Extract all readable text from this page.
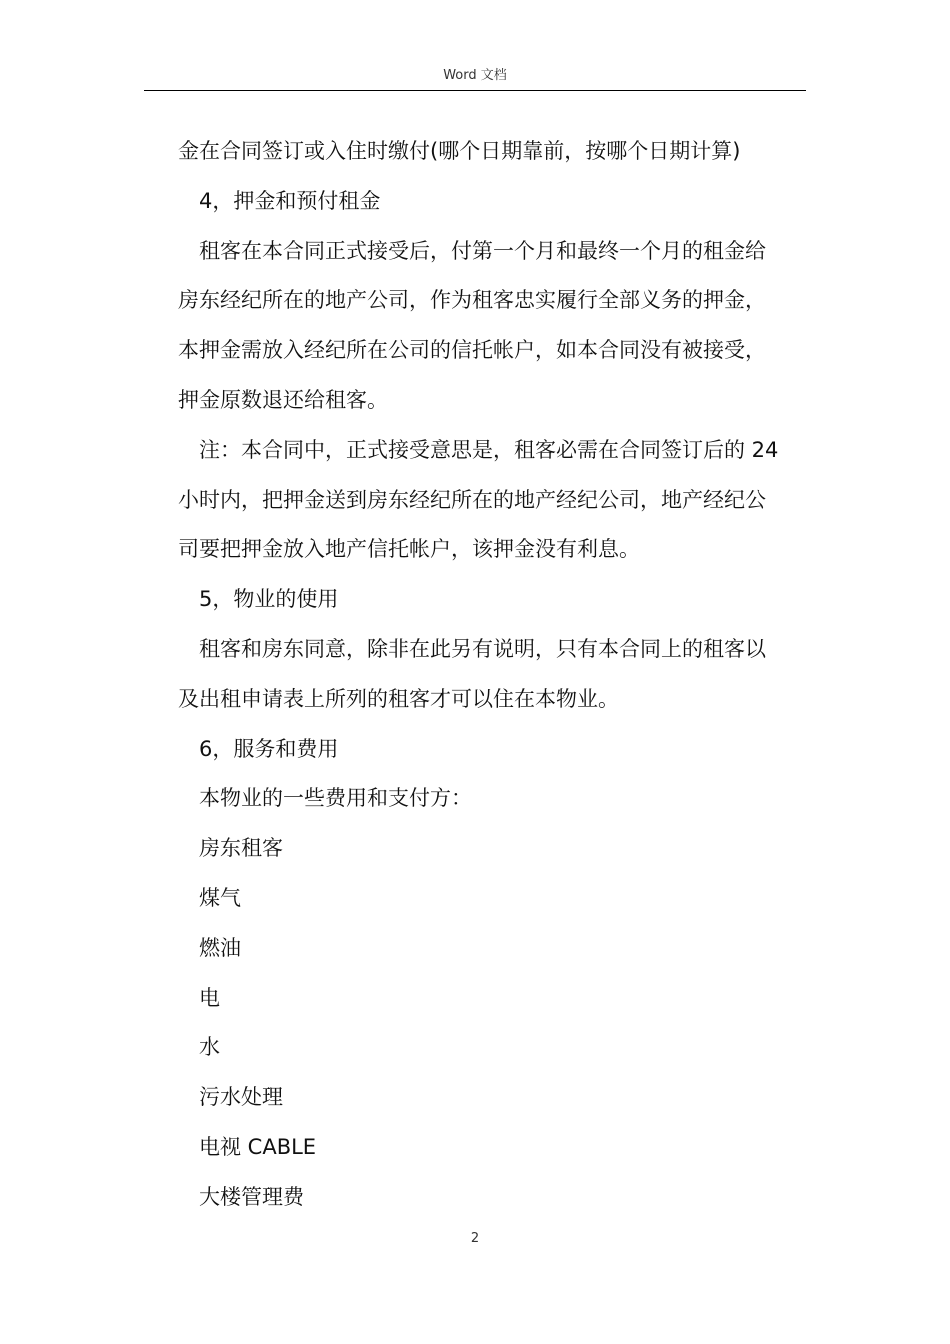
Word 文档
金在合同签订或入住时缴付(哪个日期靠前，按哪个日期计算)
4，押金和预付租金
租客在本合同正式接受后，付第一个月和最终一个月的租金给
房东经纪所在的地产公司，作为租客忠实履行全部义务的押金，
本押金需放入经纪所在公司的信托帐户，如本合同没有被接受，
押金原数退还给租客。
注：本合同中，正式接受意思是，租客必需在合同签订后的 24
小时内，把押金送到房东经纪所在的地产经纪公司，地产经纪公
司要把押金放入地产信托帐户，该押金没有利息。
5，物业的使用
租客和房东同意，除非在此另有说明，只有本合同上的租客以
及出租申请表上所列的租客才可以住在本物业。
6，服务和费用
本物业的一些费用和支付方：
房东租客
煤气
燃油
电
水
污水处理
电视 CABLE
大楼管理费
2
